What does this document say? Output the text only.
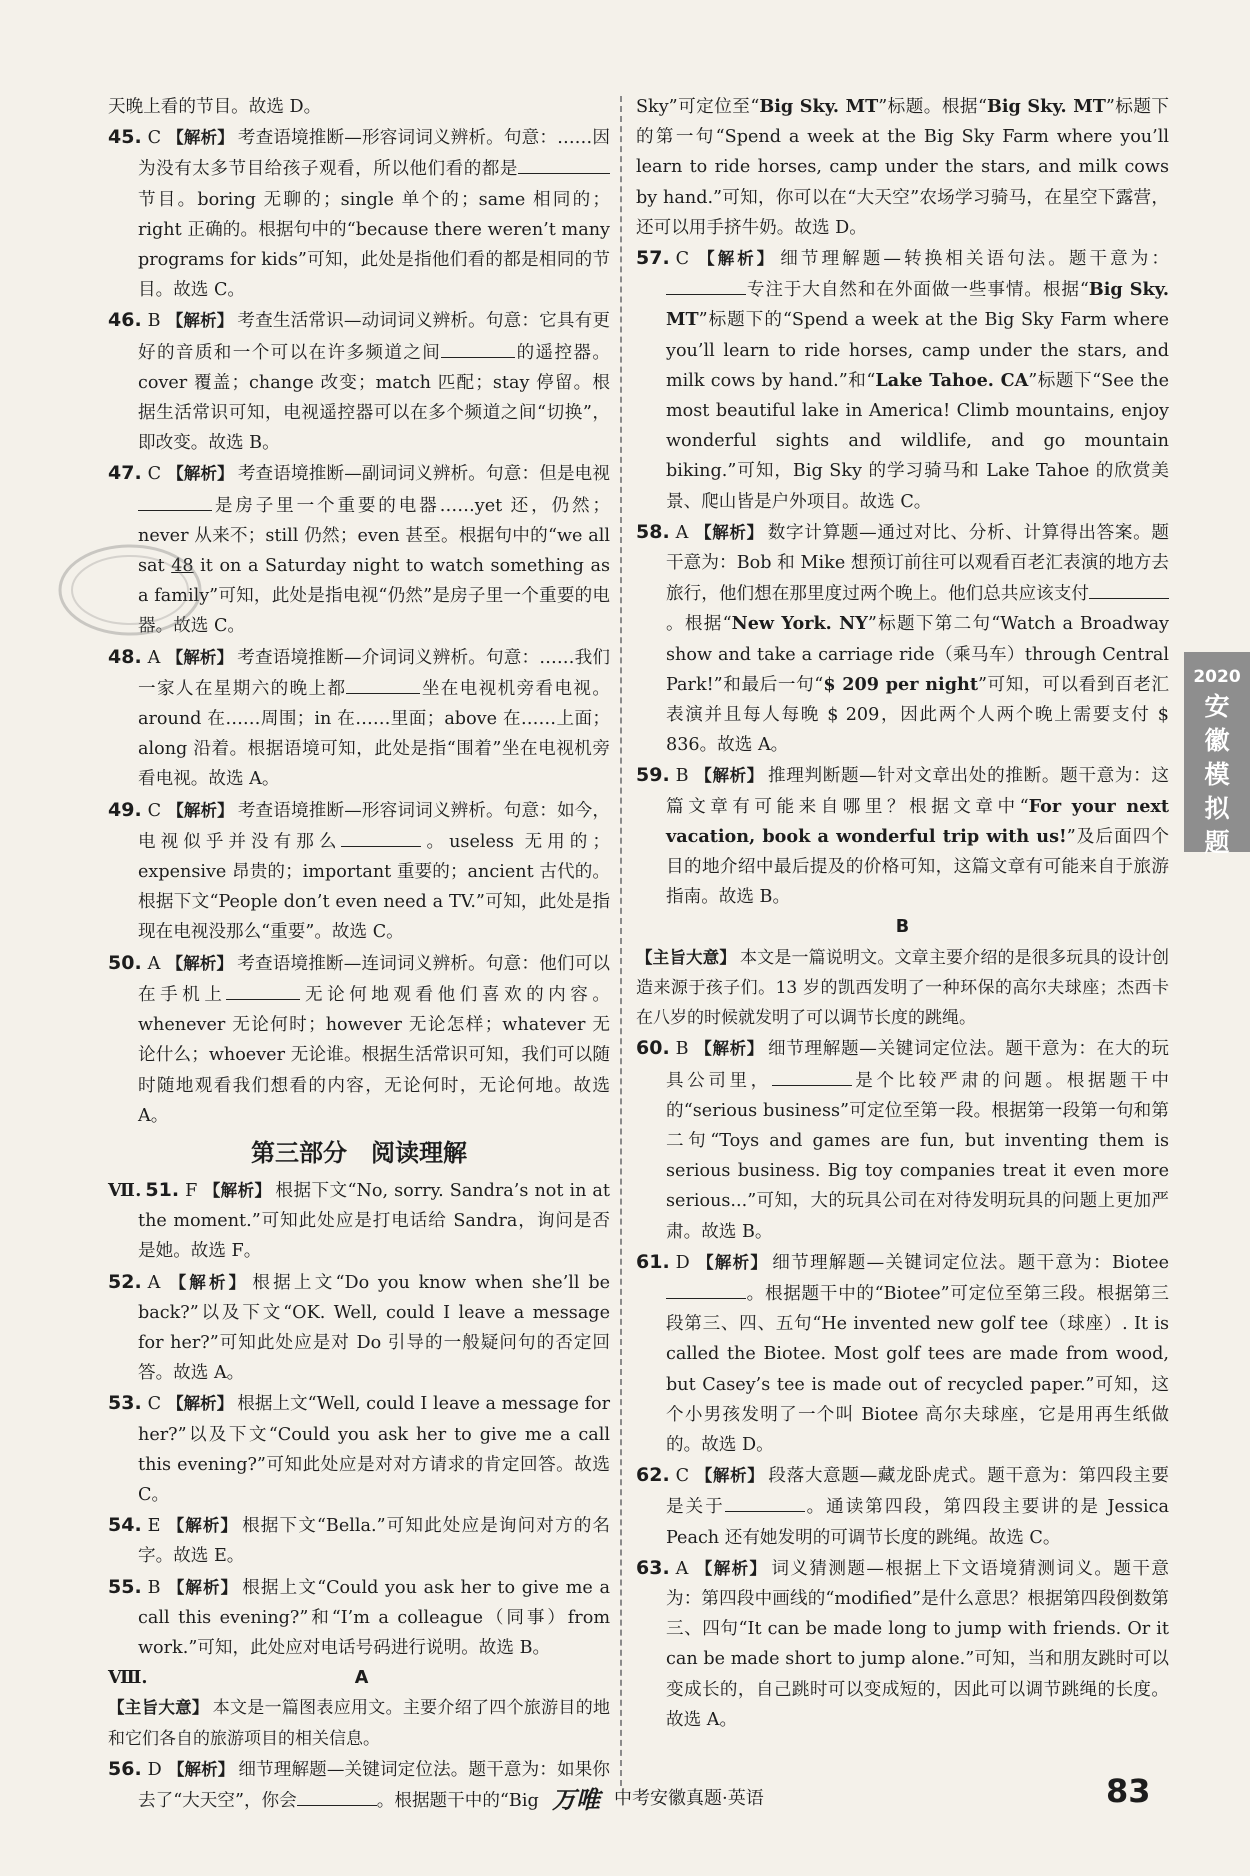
天晚上看的节目。故选 D。

45. C 【解析】 考查语境推断—形容词词义辨析。句意：……因为没有太多节目给孩子观看，所以他们看的都是节目。boring 无聊的；single 单个的；same 相同的；right 正确的。根据句中的“because there weren’t many programs for kids”可知，此处是指他们看的都是相同的节目。故选 C。

46. B 【解析】 考查生活常识—动词词义辨析。句意：它具有更好的音质和一个可以在许多频道之间	的遥控器。cover 覆盖；change 改变；match 匹配；stay 停留。根据生活常识可知，电视遥控器可以在多个频道之间“切换”，即改变。故选 B。

47. C 【解析】 考查语境推断—副词词义辨析。句意：但是电视是房子里一个重要的电器……yet 还，仍然；never 从来不；still 仍然；even 甚至。根据句中的“we all sat 48 it on a Saturday night to watch something as a family”可知，此处是指电视“仍然”是房子里一个重要的电器。故选 C。

48. A 【解析】 考查语境推断—介词词义辨析。句意：……我们一家人在星期六的晚上都	坐在电视机旁看电视。around 在……周围；in 在……里面；above 在……上面；along 沿着。根据语境可知，此处是指“围着”坐在电视机旁看电视。故选 A。

49. C 【解析】 考查语境推断—形容词词义辨析。句意：如今，电视似乎并没有那么	。useless 无用的；expensive 昂贵的；important 重要的；ancient 古代的。根据下文“People don’t even need a TV.”可知，此处是指现在电视没那么“重要”。故选 C。

50. A 【解析】 考查语境推断—连词词义辨析。句意：他们可以在手机上	无论何地观看他们喜欢的内容。whenever 无论何时；however 无论怎样；whatever 无论什么；whoever 无论谁。根据生活常识可知，我们可以随时随地观看我们想看的内容，无论何时，无论何地。故选 A。

第三部分　阅读理解

Ⅶ. 51. F 【解析】 根据下文“No, sorry. Sandra’s not in at the moment.”可知此处应是打电话给 Sandra，询问是否是她。故选 F。

52. A 【解析】 根据上文“Do you know when she’ll be back?”以及下文“OK. Well, could I leave a message for her?”可知此处应是对 Do 引导的一般疑问句的否定回答。故选 A。

53. C 【解析】 根据上文“Well, could I leave a message for her?”以及下文“Could you ask her to give me a call this evening?”可知此处应是对对方请求的肯定回答。故选 C。

54. E 【解析】 根据下文“Bella.”可知此处应是询问对方的名字。故选 E。

55. B 【解析】 根据上文“Could you ask her to give me a call this evening?”和“I’m a colleague（同事）from work.”可知，此处应对电话号码进行说明。故选 B。

Ⅷ.	A

【主旨大意】 本文是一篇图表应用文。主要介绍了四个旅游目的地和它们各自的旅游项目的相关信息。

56. D 【解析】 细节理解题—关键词定位法。题干意为：如果你去了“大天空”，你会	。根据题干中的“Big

Sky”可定位至“Big Sky. MT”标题。根据“Big Sky. MT”标题下的第一句“Spend a week at the Big Sky Farm where you’ll learn to ride horses, camp under the stars, and milk cows by hand.”可知，你可以在“大天空”农场学习骑马，在星空下露营，还可以用手挤牛奶。故选 D。

57. C 【解析】 细节理解题—转换相关语句法。题干意为：专注于大自然和在外面做一些事情。根据“Big Sky. MT”标题下的“Spend a week at the Big Sky Farm where you’ll learn to ride horses, camp under the stars, and milk cows by hand.”和“Lake Tahoe. CA”标题下“See the most beautiful lake in America! Climb mountains, enjoy wonderful sights and wildlife, and go mountain biking.”可知，Big Sky 的学习骑马和 Lake Tahoe 的欣赏美景、爬山皆是户外项目。故选 C。

58. A 【解析】 数字计算题—通过对比、分析、计算得出答案。题干意为：Bob 和 Mike 想预订前往可以观看百老汇表演的地方去旅行，他们想在那里度过两个晚上。他们总共应该支付。根据“New York. NY”标题下第二句“Watch a Broadway show and take a carriage ride（乘马车）through Central Park!”和最后一句“$ 209 per night”可知，可以看到百老汇表演并且每人每晚 $ 209，因此两个人两个晚上需要支付 $ 836。故选 A。

59. B 【解析】 推理判断题—针对文章出处的推断。题干意为：这篇文章有可能来自哪里？根据文章中“For your next vacation, book a wonderful trip with us!”及后面四个目的地介绍中最后提及的价格可知，这篇文章有可能来自于旅游指南。故选 B。

B

【主旨大意】 本文是一篇说明文。文章主要介绍的是很多玩具的设计创造来源于孩子们。13 岁的凯西发明了一种环保的高尔夫球座；杰西卡在八岁的时候就发明了可以调节长度的跳绳。

60. B 【解析】 细节理解题—关键词定位法。题干意为：在大的玩具公司里，	是个比较严肃的问题。根据题干中的“serious business”可定位至第一段。根据第一段第一句和第二句“Toys and games are fun, but inventing them is serious business. Big toy companies treat it even more serious...”可知，大的玩具公司在对待发明玩具的问题上更加严肃。故选 B。

61. D 【解析】 细节理解题—关键词定位法。题干意为：Biotee。根据题干中的“Biotee”可定位至第三段。根据第三段第三、四、五句“He invented new golf tee（球座）. It is called the Biotee. Most golf tees are made from wood, but Casey’s tee is made out of recycled paper.”可知，这个小男孩发明了一个叫 Biotee 高尔夫球座，它是用再生纸做的。故选 D。

62. C 【解析】 段落大意题—藏龙卧虎式。题干意为：第四段主要是关于	。通读第四段，第四段主要讲的是 Jessica Peach 还有她发明的可调节长度的跳绳。故选 C。

63. A 【解析】 词义猜测题—根据上下文语境猜测词义。题干意为：第四段中画线的“modified”是什么意思？根据第四段倒数第三、四句“It can be made long to jump with friends. Or it can be made short to jump alone.”可知，当和朋友跳时可以变成长的，自己跳时可以变成短的，因此可以调节跳绳的长度。故选 A。

2020
安
徽
模
拟
题
万唯 中考安徽真题·英语	83
